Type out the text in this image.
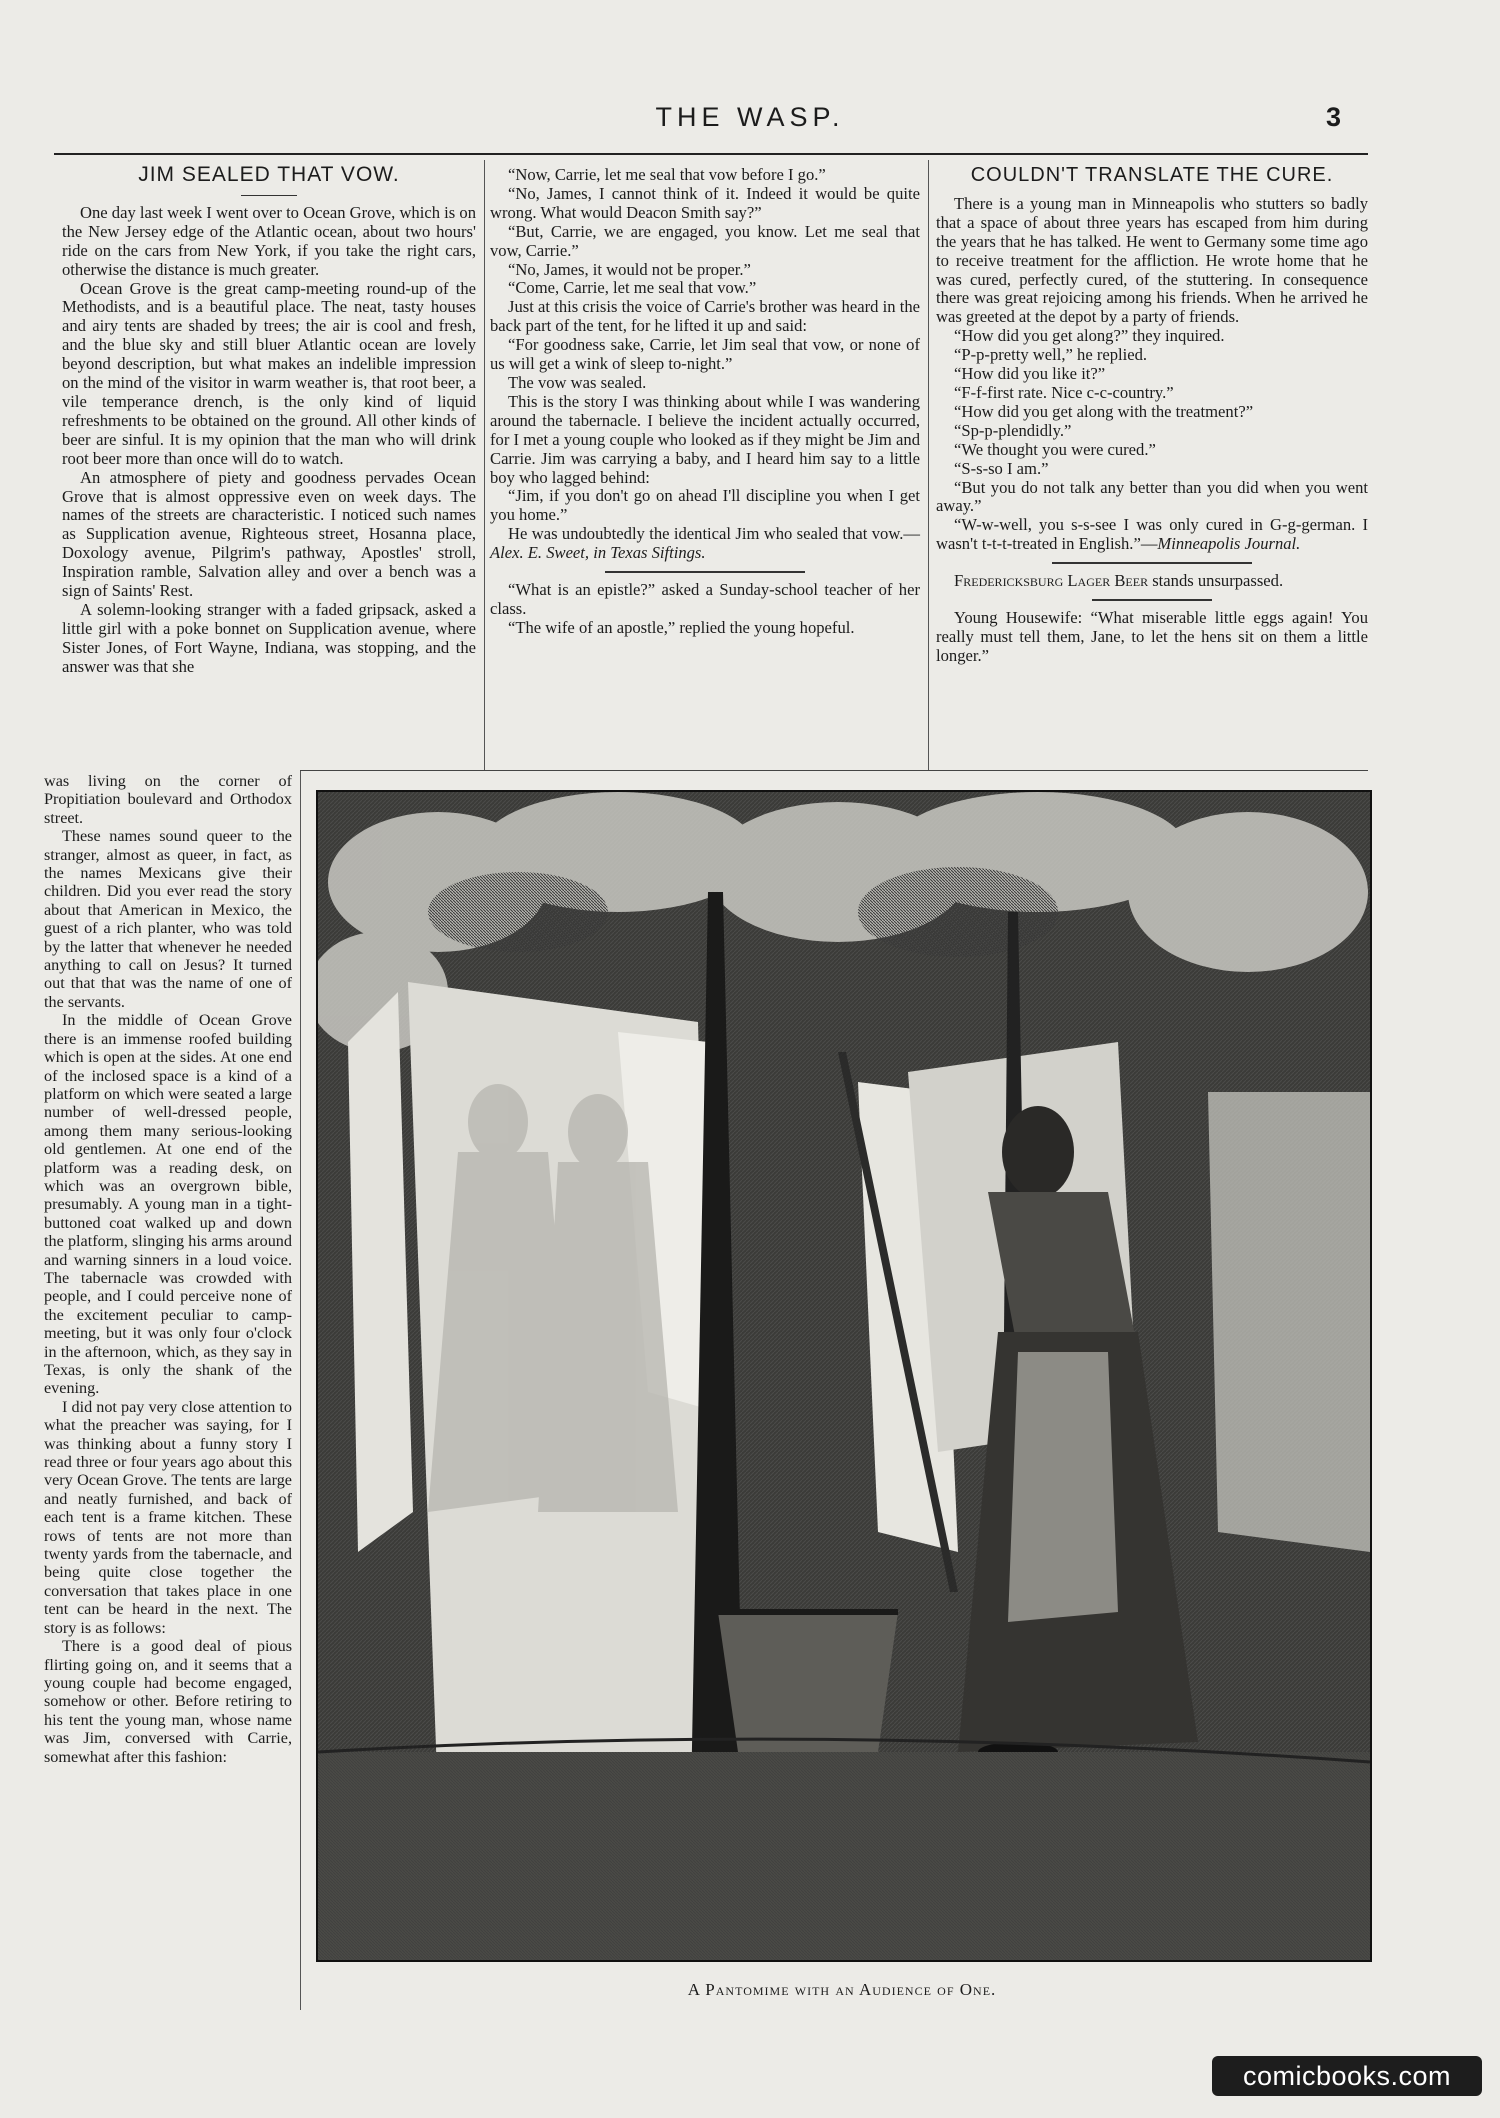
THE WASP.	3
JIM SEALED THAT VOW.

One day last week I went over to Ocean Grove, which is on the New Jersey edge of the Atlantic ocean, about two hours' ride on the cars from New York, if you take the right cars, otherwise the distance is much greater.

Ocean Grove is the great camp-meeting round-up of the Methodists, and is a beautiful place. The neat, tasty houses and airy tents are shaded by trees; the air is cool and fresh, and the blue sky and still bluer Atlantic ocean are lovely beyond description, but what makes an indelible impression on the mind of the visitor in warm weather is, that root beer, a vile temperance drench, is the only kind of liquid refreshments to be obtained on the ground. All other kinds of beer are sinful. It is my opinion that the man who will drink root beer more than once will do to watch.

An atmosphere of piety and goodness pervades Ocean Grove that is almost oppressive even on week days. The names of the streets are characteristic. I noticed such names as Supplication avenue, Righteous street, Hosanna place, Doxology avenue, Pilgrim's pathway, Apostles' stroll, Inspiration ramble, Salvation alley and over a bench was a sign of Saints' Rest.

A solemn-looking stranger with a faded gripsack, asked a little girl with a poke bonnet on Supplication avenue, where Sister Jones, of Fort Wayne, Indiana, was stopping, and the answer was that she

was living on the corner of Propitiation boulevard and Orthodox street.

These names sound queer to the stranger, almost as queer, in fact, as the names Mexicans give their children. Did you ever read the story about that American in Mexico, the guest of a rich planter, who was told by the latter that whenever he needed anything to call on Jesus? It turned out that that was the name of one of the servants.

In the middle of Ocean Grove there is an immense roofed building which is open at the sides. At one end of the inclosed space is a kind of a platform on which were seated a large number of well-dressed people, among them many serious-looking old gentlemen. At one end of the platform was a reading desk, on which was an overgrown bible, presumably. A young man in a tight-buttoned coat walked up and down the platform, slinging his arms around and warning sinners in a loud voice. The tabernacle was crowded with people, and I could perceive none of the excitement peculiar to camp-meeting, but it was only four o'clock in the afternoon, which, as they say in Texas, is only the shank of the evening.

I did not pay very close attention to what the preacher was saying, for I was thinking about a funny story I read three or four years ago about this very Ocean Grove. The tents are large and neatly furnished, and back of each tent is a frame kitchen. These rows of tents are not more than twenty yards from the tabernacle, and being quite close together the conversation that takes place in one tent can be heard in the next. The story is as follows:

There is a good deal of pious flirting going on, and it seems that a young couple had become engaged, somehow or other. Before retiring to his tent the young man, whose name was Jim, conversed with Carrie, somewhat after this fashion:

“Now, Carrie, let me seal that vow before I go.”

“No, James, I cannot think of it. Indeed it would be quite wrong. What would Deacon Smith say?”

“But, Carrie, we are engaged, you know. Let me seal that vow, Carrie.”

“No, James, it would not be proper.”

“Come, Carrie, let me seal that vow.”

Just at this crisis the voice of Carrie's brother was heard in the back part of the tent, for he lifted it up and said:

“For goodness sake, Carrie, let Jim seal that vow, or none of us will get a wink of sleep to-night.”

The vow was sealed.

This is the story I was thinking about while I was wandering around the tabernacle. I believe the incident actually occurred, for I met a young couple who looked as if they might be Jim and Carrie. Jim was carrying a baby, and I heard him say to a little boy who lagged behind:

“Jim, if you don't go on ahead I'll discipline you when I get you home.”

He was undoubtedly the identical Jim who sealed that vow.—Alex. E. Sweet, in Texas Siftings.

“What is an epistle?” asked a Sunday-school teacher of her class.

“The wife of an apostle,” replied the young hopeful.

COULDN'T TRANSLATE THE CURE.

There is a young man in Minneapolis who stutters so badly that a space of about three years has escaped from him during the years that he has talked. He went to Germany some time ago to receive treatment for the affliction. He wrote home that he was cured, perfectly cured, of the stuttering. In consequence there was great rejoicing among his friends. When he arrived he was greeted at the depot by a party of friends.

“How did you get along?” they inquired.

“P-p-pretty well,” he replied.

“How did you like it?”

“F-f-first rate. Nice c-c-country.”

“How did you get along with the treatment?”

“Sp-p-plendidly.”

“We thought you were cured.”

“S-s-so I am.”

“But you do not talk any better than you did when you went away.”

“W-w-well, you s-s-see I was only cured in G-g-german. I wasn't t-t-t-treated in English.”—Minneapolis Journal.

Fredericksburg Lager Beer stands unsurpassed.

Young Housewife: “What miserable little eggs again! You really must tell them, Jane, to let the hens sit on them a little longer.”

A Pantomime with an Audience of One.
comicbooks.com
